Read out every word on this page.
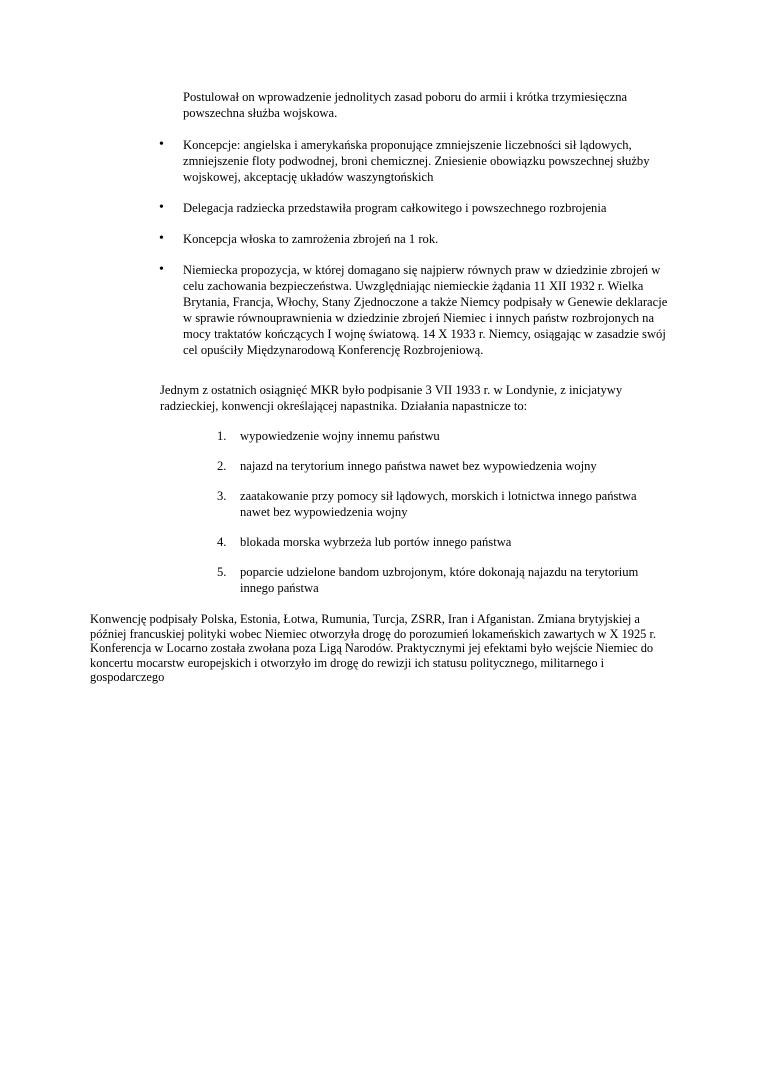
Postulował on wprowadzenie jednolitych zasad poboru do armii i krótka trzymiesięczna powszechna służba wojskowa.

• Koncepcje: angielska i amerykańska proponujące zmniejszenie liczebności sił lądowych, zmniejszenie floty podwodnej, broni chemicznej. Zniesienie obowiązku powszechnej służby wojskowej, akceptację układów waszyngtońskich
• Delegacja radziecka przedstawiła program całkowitego i powszechnego rozbrojenia
• Koncepcja włoska to zamrożenia zbrojeń na 1 rok.
• Niemiecka propozycja, w której domagano się najpierw równych praw w dziedzinie zbrojeń w celu zachowania bezpieczeństwa. Uwzględniając niemieckie żądania 11 XII 1932 r. Wielka Brytania, Francja, Włochy, Stany Zjednoczone a także Niemcy podpisały w Genewie deklaracje w sprawie równouprawnienia w dziedzinie zbrojeń Niemiec i innych państw rozbrojonych na mocy traktatów kończących I wojnę światową. 14 X 1933 r. Niemcy, osiągając w zasadzie swój cel opuściły Międzynarodową Konferencję Rozbrojeniową.

Jednym z ostatnich osiągnięć MKR było podpisanie 3 VII 1933 r. w Londynie, z inicjatywy radzieckiej, konwencji określającej napastnika. Działania napastnicze to:

1. wypowiedzenie wojny innemu państwu
2. najazd na terytorium innego państwa nawet bez wypowiedzenia wojny
3. zaatakowanie przy pomocy sił lądowych, morskich i lotnictwa innego państwa nawet bez wypowiedzenia wojny
4. blokada morska wybrzeża lub portów innego państwa
5. poparcie udzielone bandom uzbrojonym, które dokonają najazdu na terytorium innego państwa

Konwencję podpisały Polska, Estonia, Łotwa, Rumunia, Turcja, ZSRR, Iran i Afganistan. Zmiana brytyjskiej a później francuskiej polityki wobec Niemiec otworzyła drogę do porozumień lokameńskich zawartych w X 1925 r. Konferencja w Locarno została zwołana poza Ligą Narodów. Praktycznymi jej efektami było wejście Niemiec do koncertu mocarstw europejskich i otworzyło im drogę do rewizji ich statusu politycznego, militarnego i gospodarczego
